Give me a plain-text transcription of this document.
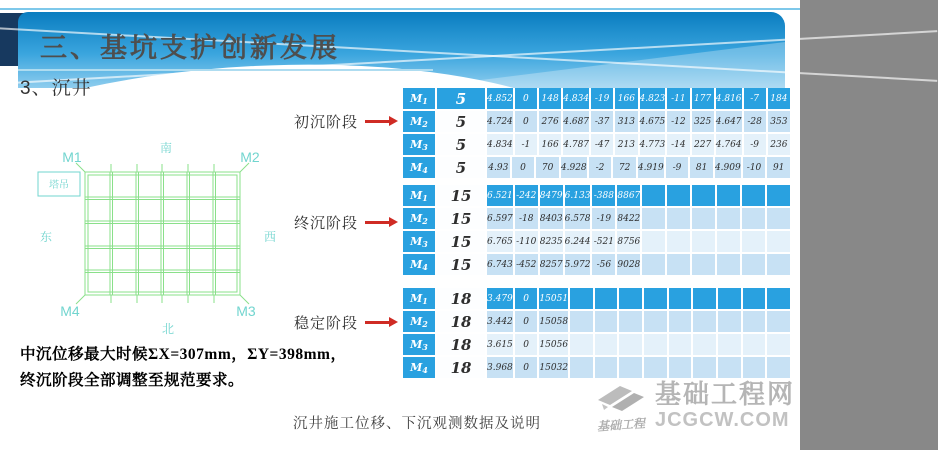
三、基坑支护创新发展
3、沉井
南
东	西
北
M1	M2
M3
M4
塔吊
初沉阶段
终沉阶段
稳定阶段
M 1	5	4.852	0	148 4.834 -19 166 4.823 -11 177 4.816 -7	184
M 2	5	4.724	0	276 4.687 -37 313 4.675 -12 325 4.647 -28 353
M 3	5	4.834 -1	166 4.787 -47 213 4.773 -14 227 4.764 -9	236
M 4	5	4.93	0	70 4.928 -2	72 4.919 -9	81 4.909 -10	91
M 1	15	6.521 -242 8479 6.133 -388 8867
M 2	15	6.597 -18 8403 6.578 -19 8422
M 3	15	6.765 -110 8235 6.244 -521 8756
M 4	15	6.743 -452 8257 5.972 -56 9028
M 1	18	3.479	0	15051
M 2	18	3.442	0	15058
M 3	18	3.615	0	15056
M 4	18	3.968	0	15032
中沉位移最大时候ΣX=307mm，ΣY=398mm，
终沉阶段全部调整至规范要求。
沉井施工位移、下沉观测数据及说明	基础工程
基础工程网
JCGCW.COM
